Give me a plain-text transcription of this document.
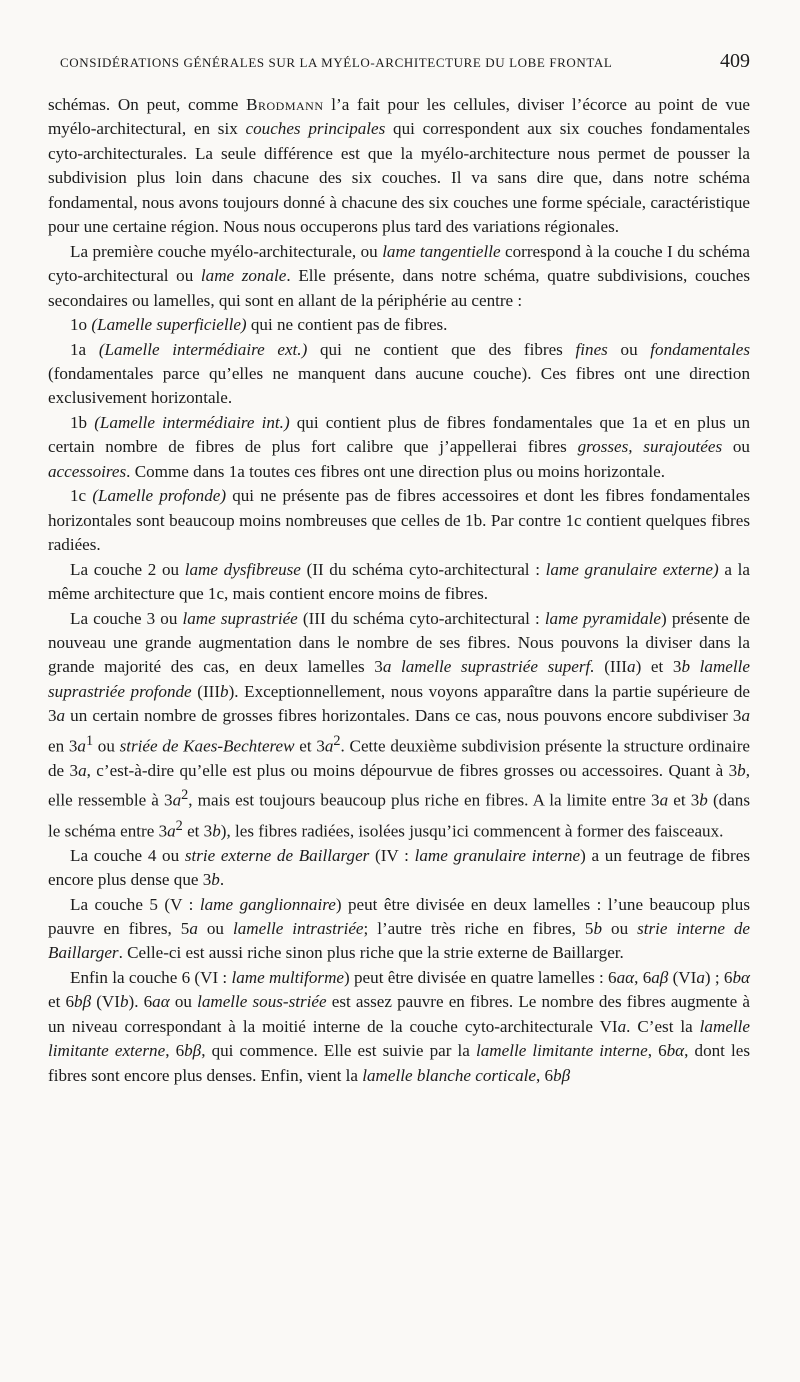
CONSIDÉRATIONS GÉNÉRALES SUR LA MYÉLO-ARCHITECTURE DU LOBE FRONTAL	409

schémas. On peut, comme Brodmann l’a fait pour les cellules, diviser l’écorce au point de vue myélo-architectural, en six couches principales qui correspondent aux six couches fondamentales cyto-architecturales. La seule différence est que la myélo-architecture nous permet de pousser la subdivision plus loin dans chacune des six couches. Il va sans dire que, dans notre schéma fondamental, nous avons toujours donné à chacune des six couches une forme spéciale, caractéristique pour une certaine région. Nous nous occuperons plus tard des variations régionales.

La première couche myélo-architecturale, ou lame tangentielle correspond à la couche I du schéma cyto-architectural ou lame zonale. Elle présente, dans notre schéma, quatre subdivisions, couches secondaires ou lamelles, qui sont en allant de la périphérie au centre :

1o (Lamelle superficielle) qui ne contient pas de fibres.

1a (Lamelle intermédiaire ext.) qui ne contient que des fibres fines ou fondamentales (fondamentales parce qu’elles ne manquent dans aucune couche). Ces fibres ont une direction exclusivement horizontale.

1b (Lamelle intermédiaire int.) qui contient plus de fibres fondamentales que 1a et en plus un certain nombre de fibres de plus fort calibre que j’appellerai fibres grosses, surajoutées ou accessoires. Comme dans 1a toutes ces fibres ont une direction plus ou moins horizontale.

1c (Lamelle profonde) qui ne présente pas de fibres accessoires et dont les fibres fondamentales horizontales sont beaucoup moins nombreuses que celles de 1b. Par contre 1c contient quelques fibres radiées.

La couche 2 ou lame dysfibreuse (II du schéma cyto-architectural : lame granulaire externe) a la même architecture que 1c, mais contient encore moins de fibres.

La couche 3 ou lame suprastriée (III du schéma cyto-architectural : lame pyramidale) présente de nouveau une grande augmentation dans le nombre de ses fibres. Nous pouvons la diviser dans la grande majorité des cas, en deux lamelles 3a lamelle suprastriée superf. (IIIa) et 3b lamelle suprastriée profonde (IIIb). Exceptionnellement, nous voyons apparaître dans la partie supérieure de 3a un certain nombre de grosses fibres horizontales. Dans ce cas, nous pouvons encore subdiviser 3a en $3a^1$ ou striée de Kaes-Bechterew et $3a^2$. Cette deuxième subdivision présente la structure ordinaire de 3a, c’est-à-dire qu’elle est plus ou moins dépourvue de fibres grosses ou accessoires. Quant à 3b, elle ressemble à $3a^2$, mais est toujours beaucoup plus riche en fibres. A la limite entre 3a et 3b (dans le schéma entre $3a^2$ et 3b), les fibres radiées, isolées jusqu’ici commencent à former des faisceaux.

La couche 4 ou strie externe de Baillarger (IV : lame granulaire interne) a un feutrage de fibres encore plus dense que 3b.

La couche 5 (V : lame ganglionnaire) peut être divisée en deux lamelles : l’une beaucoup plus pauvre en fibres, 5a ou lamelle intrastriée; l’autre très riche en fibres, 5b ou strie interne de Baillarger. Celle-ci est aussi riche sinon plus riche que la strie externe de Baillarger.

Enfin la couche 6 (VI : lame multiforme) peut être divisée en quatre lamelles : 6aα, 6aβ (VIa) ; 6bα et 6bβ (VIb). 6aα ou lamelle sous-striée est assez pauvre en fibres. Le nombre des fibres augmente à un niveau correspondant à la moitié interne de la couche cyto-architecturale VIa. C’est la lamelle limitante externe, 6bβ, qui commence. Elle est suivie par la lamelle limitante interne, 6bα, dont les fibres sont encore plus denses. Enfin, vient la lamelle blanche corticale, 6bβ
